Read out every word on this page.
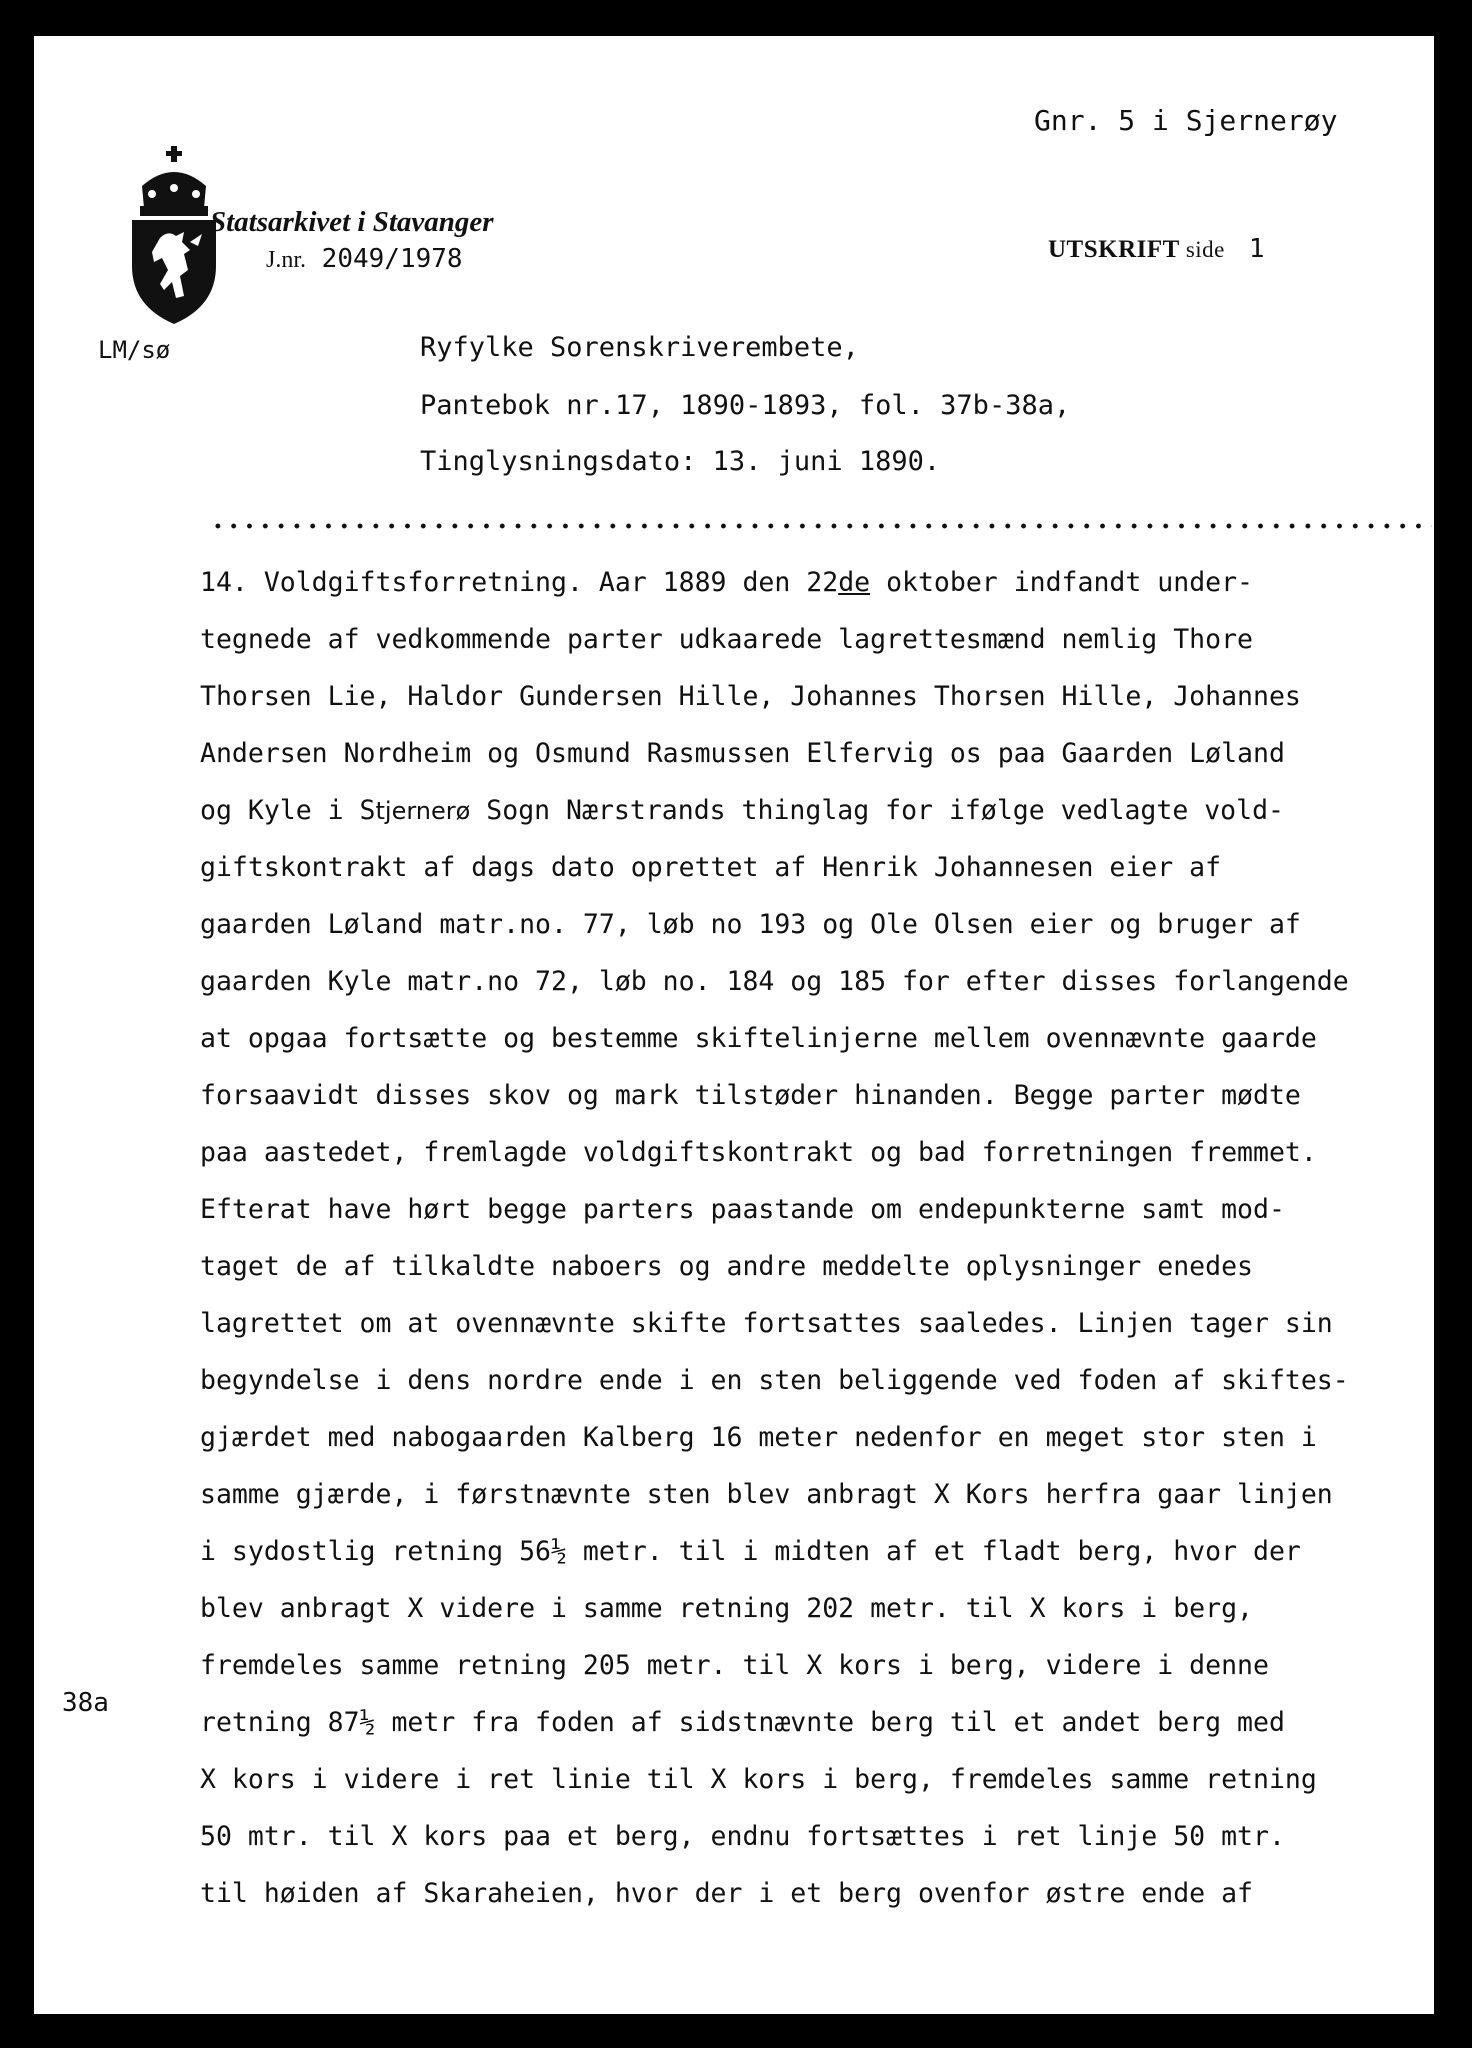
Gnr. 5 i Sjernerøy
Statsarkivet i Stavanger
J.nr. 2049/1978	UTSKRIFT side 1
LM/sø	Ryfylke Sorenskriverembete,
Pantebok nr.17, 1890-1893, fol. 37b-38a,
Tinglysningsdato: 13. juni 1890.
38a
14. Voldgiftsforretning. Aar 1889 den 22de oktober indfandt under-
tegnede af vedkommende parter udkaarede lagrettesmænd nemlig Thore
Thorsen Lie, Haldor Gundersen Hille, Johannes Thorsen Hille, Johannes
Andersen Nordheim og Osmund Rasmussen Elfervig os paa Gaarden Løland
og Kyle i Stjernerø Sogn Nærstrands thinglag for ifølge vedlagte vold-
giftskontrakt af dags dato oprettet af Henrik Johannesen eier af
gaarden Løland matr.no. 77, løb no 193 og Ole Olsen eier og bruger af
gaarden Kyle matr.no 72, løb no. 184 og 185 for efter disses forlangende
at opgaa fortsætte og bestemme skiftelinjerne mellem ovennævnte gaarde
forsaavidt disses skov og mark tilstøder hinanden. Begge parter mødte
paa aastedet, fremlagde voldgiftskontrakt og bad forretningen fremmet.
Efterat have hørt begge parters paastande om endepunkterne samt mod-
taget de af tilkaldte naboers og andre meddelte oplysninger enedes
lagrettet om at ovennævnte skifte fortsattes saaledes. Linjen tager sin
begyndelse i dens nordre ende i en sten beliggende ved foden af skiftes-
gjærdet med nabogaarden Kalberg 16 meter nedenfor en meget stor sten i
samme gjærde, i førstnævnte sten blev anbragt X Kors herfra gaar linjen
i sydostlig retning 56½ metr. til i midten af et fladt berg, hvor der
blev anbragt X videre i samme retning 202 metr. til X kors i berg,
fremdeles samme retning 205 metr. til X kors i berg, videre i denne
retning 87½ metr fra foden af sidstnævnte berg til et andet berg med
X kors i videre i ret linie til X kors i berg, fremdeles samme retning
50 mtr. til X kors paa et berg, endnu fortsættes i ret linje 50 mtr.
til høiden af Skaraheien, hvor der i et berg ovenfor østre ende af
